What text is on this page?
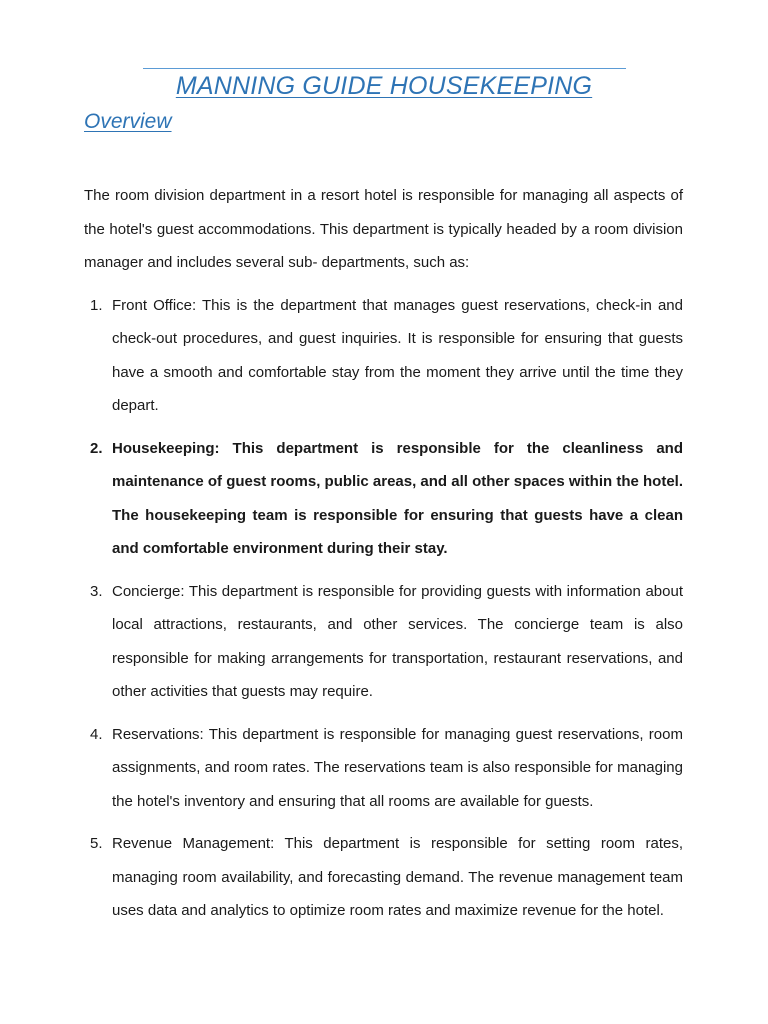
MANNING GUIDE HOUSEKEEPING
Overview

The room division department in a resort hotel is responsible for managing all aspects of the hotel's guest accommodations. This department is typically headed by a room division manager and includes several sub- departments, such as:

1. Front Office: This is the department that manages guest reservations, check-in and check-out procedures, and guest inquiries. It is responsible for ensuring that guests have a smooth and comfortable stay from the moment they arrive until the time they depart.
2. Housekeeping: This department is responsible for the cleanliness and maintenance of guest rooms, public areas, and all other spaces within the hotel. The housekeeping team is responsible for ensuring that guests have a clean and comfortable environment during their stay.
3. Concierge: This department is responsible for providing guests with information about local attractions, restaurants, and other services. The concierge team is also responsible for making arrangements for transportation, restaurant reservations, and other activities that guests may require.
4. Reservations: This department is responsible for managing guest reservations, room assignments, and room rates. The reservations team is also responsible for managing the hotel's inventory and ensuring that all rooms are available for guests.
5. Revenue Management: This department is responsible for setting room rates, managing room availability, and forecasting demand. The revenue management team uses data and analytics to optimize room rates and maximize revenue for the hotel.
